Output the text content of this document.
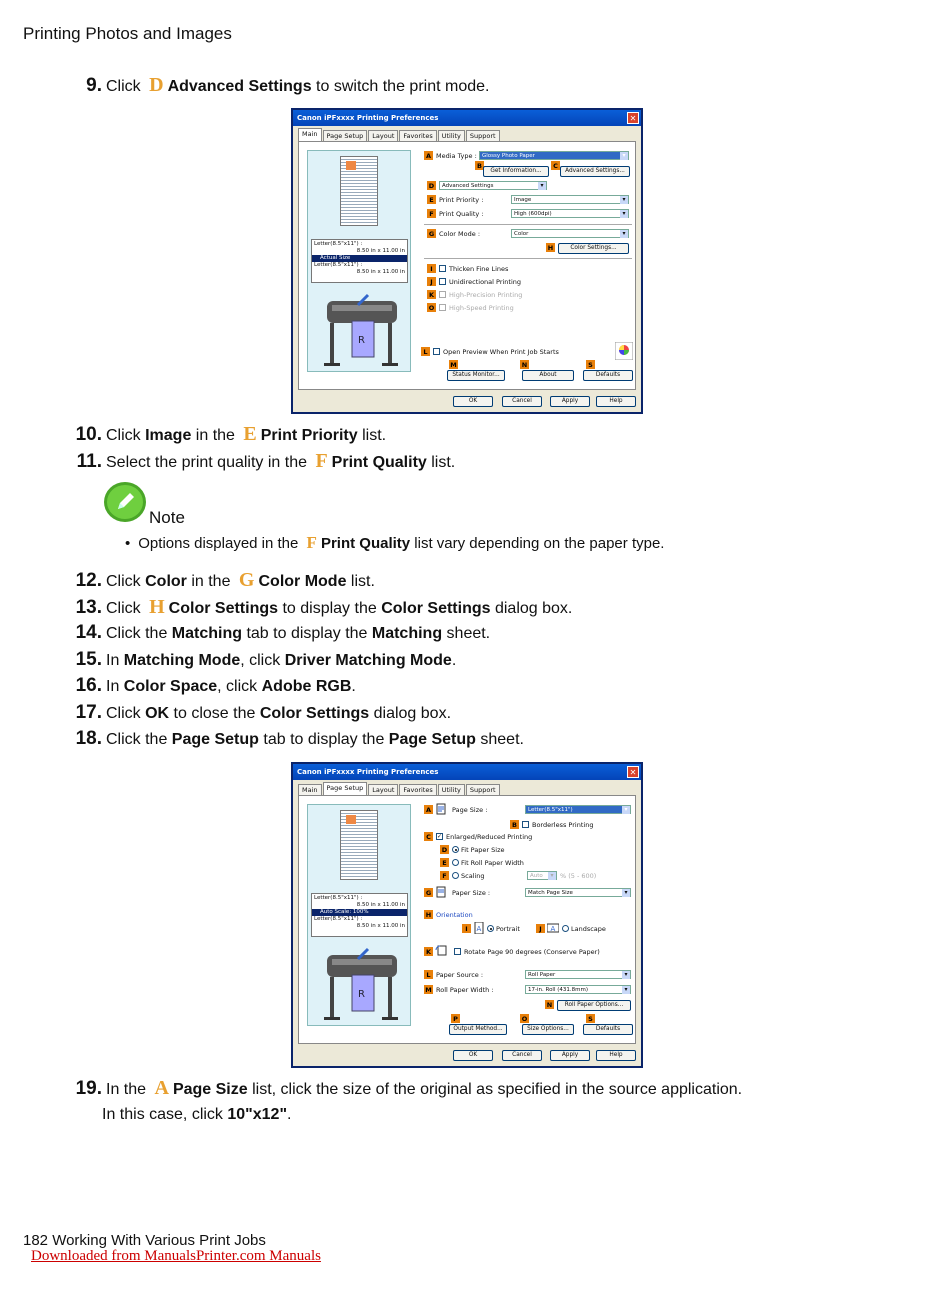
Printing Photos and Images
9. Click D Advanced Settings to switch the print mode.
Canon iPFxxxx Printing Preferences	✕
Main	Page Setup	Layout	Favorites	Utility	Support
Letter(8.5"x11") :
8.50 in x 11.00 in
Actual Size
Letter(8.5"x11") :
8.50 in x 11.00 in
R
A Media Type : Glossy Photo Paper ▾
B	C
Get Information...	Advanced Settings...
D	Advanced Settings ▾
E Print Priority :	Image ▾
F Print Quality :	High (600dpi) ▾
G Color Mode :	Color ▾
H	Color Settings...
I	Thicken Fine Lines
J	Unidirectional Printing
K	High-Precision Printing
O High-Speed Printing
L	Open Preview When Print Job Starts
M	N	S
Status Monitor...	About	Defaults
OK	Cancel	Apply	Help
10. Click Image in the E Print Priority list.
11. Select the print quality in the F Print Quality list.
Note
• Options displayed in the F Print Quality list vary depending on the paper type.
12. Click Color in the G Color Mode list.
13. Click H Color Settings to display the Color Settings dialog box.
14. Click the Matching tab to display the Matching sheet.
15. In Matching Mode , click Driver Matching Mode .
16. In Color Space , click Adobe RGB .
17. Click OK to close the Color Settings dialog box.
18. Click the Page Setup tab to display the Page Setup sheet.
Canon iPFxxxx Printing Preferences	✕
Main	Page Setup	Layout	Favorites	Utility	Support
Letter(8.5"x11") :
8.50 in x 11.00 in
Auto Scale: 100%
Letter(8.5"x11") :
8.50 in x 11.00 in
R
A	Page Size :	Letter(8.5"x11") ▾
B	Borderless Printing
C	✓ Enlarged/Reduced Printing
D Fit Paper Size
E	Fit Roll Paper Width
F	Scaling	Auto ▾	% (5 - 600)
G	Paper Size :	Match Page Size ▾
H Orientation
I	A Portrait	J	A Landscape
K	Rotate Page 90 degrees (Conserve Paper)
L Paper Source :	Roll Paper ▾
M Roll Paper Width :	17-in. Roll (431.8mm) ▾
N	Roll Paper Options...
P	O	S
Output Method...	Size Options...	Defaults
OK	Cancel	Apply	Help
19. In the A Page Size list, click the size of the original as specified in the source application.
In this case, click 10"x12" .
182 Working With Various Print Jobs
Downloaded from ManualsPrinter.com Manuals
